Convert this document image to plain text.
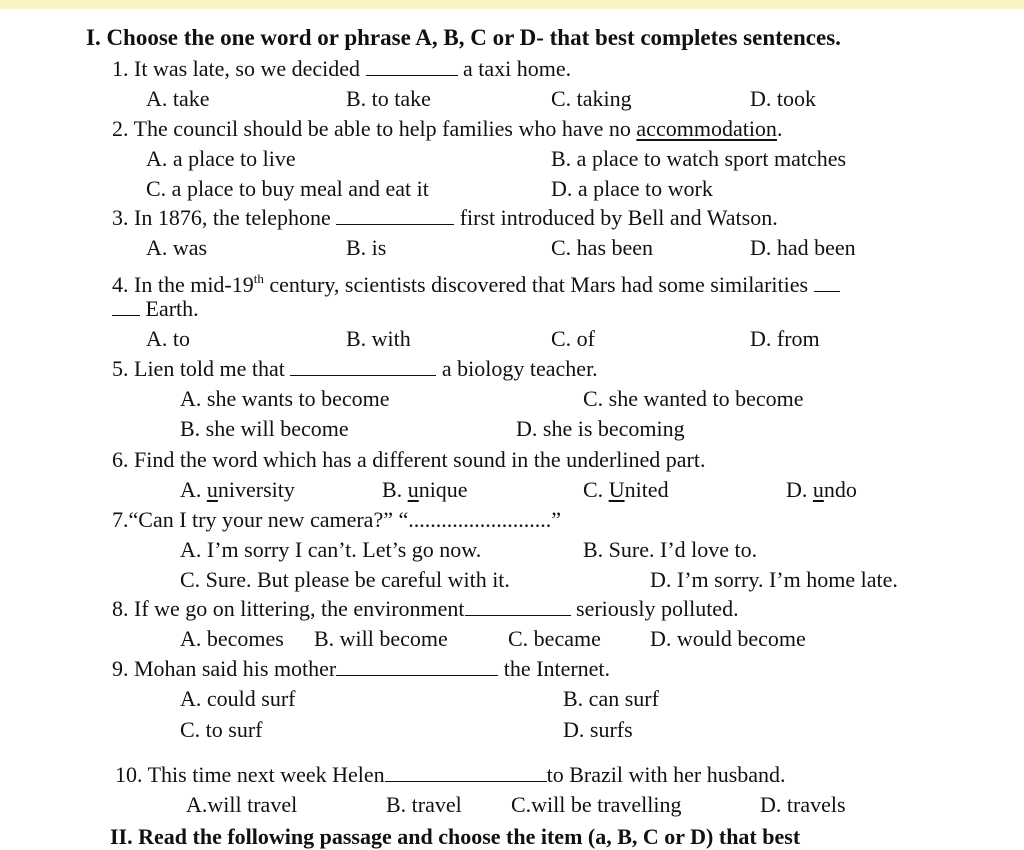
I. Choose the one word or phrase A, B, C or D- that best completes sentences.
1. It was late, so we decided	a taxi home.
A. take	B. to take	C. taking	D. took
2. The council should be able to help families who have no accommodation.
A. a place to live	B. a place to watch sport matches
C. a place to buy meal and eat it	D. a place to work
3. In 1876, the telephone	first introduced by Bell and Watson.
A. was	B. is	C. has been	D. had been
4. In the mid-19th century, scientists discovered that Mars had some similarities
Earth.
A. to	B. with	C. of	D. from
5. Lien told me that	a biology teacher.
A. she wants to become	C. she wanted to become
B. she will become	D. she is becoming
6. Find the word which has a different sound in the underlined part.
A. university	B. unique	C. United	D. undo
7.“Can I try your new camera?” “..........................”
A. I’m sorry I can’t. Let’s go now.	B. Sure. I’d love to.
C. Sure. But please be careful with it.	D. I’m sorry. I’m home late.
8. If we go on littering, the environment	seriously polluted.
A. becomes B. will become	C. became D. would become
9. Mohan said his mother	the Internet.
A. could surf	B. can surf
C. to surf	D. surfs
10. This time next week Helen	to Brazil with her husband.
A.will travel	B. travel C.will be travelling	D. travels
II. Read the following passage and choose the item (a, B, C or D) that best
